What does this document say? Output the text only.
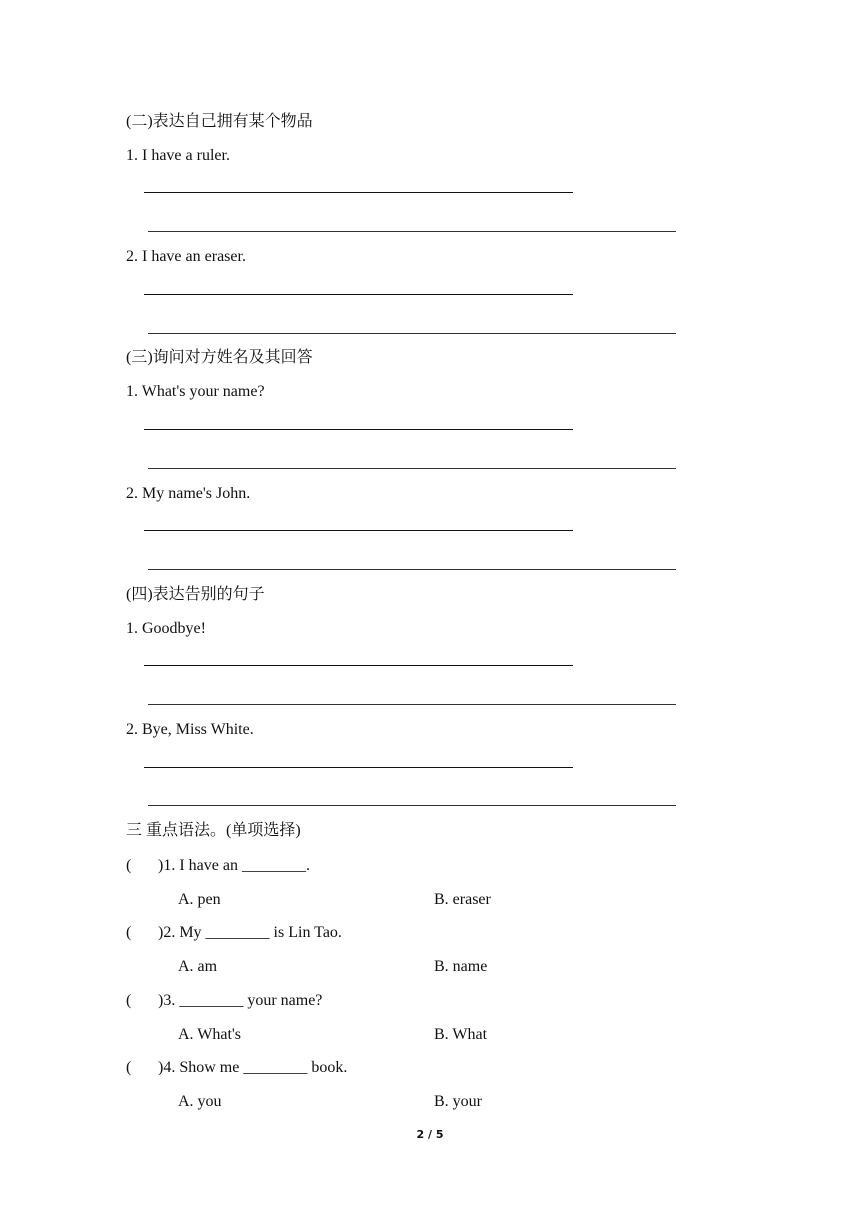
(二)表达自己拥有某个物品
1. I have a ruler.
2. I have an eraser.
(三)询问对方姓名及其回答
1. What's your name?
2. My name's John.
(四)表达告别的句子
1. Goodbye!
2. Bye, Miss White.
三 重点语法。(单项选择)
( )1. I have an ________.
A. pen	B. eraser
( )2. My ________ is Lin Tao.
A. am	B. name
( )3. ________ your name?
A. What's	B. What
( )4. Show me ________ book.
A. you	B. your
2 / 5
